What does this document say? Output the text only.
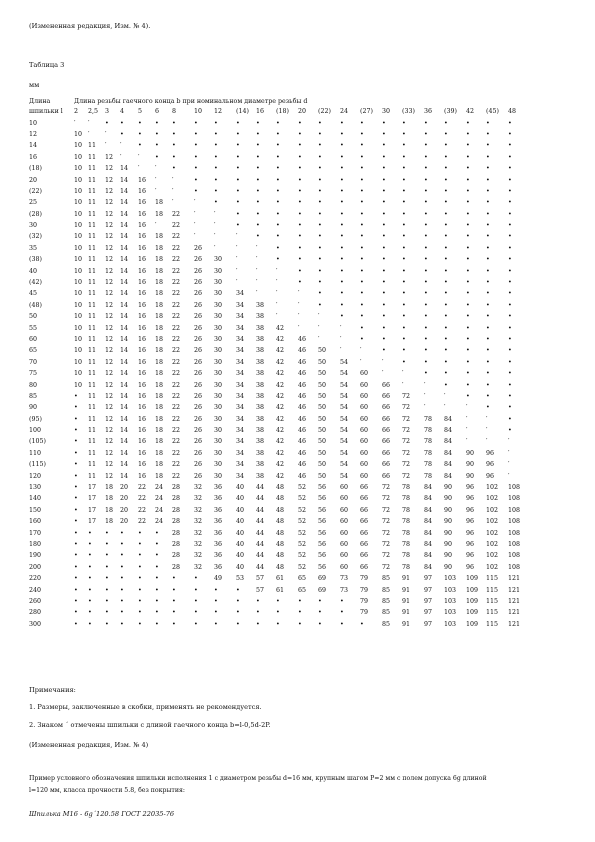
(Измененная редакция, Изм. № 4).
Таблица 3
мм
Длина	Длина резьбы гаечного конца b при номинальном диаметре резьбы d																						
шпильки l	2	2,5	3	4	5	6	8	10	12	(14)	16	(18)	20	(22)	24	(27)	30	(33)	36	(39)	42	(45)	48
10	′	′	•	•	•	•	•	•	•	•	•	•	•	•	•	•	•	•	•	•	•	•	•
12	10	′	′	•	•	•	•	•	•	•	•	•	•	•	•	•	•	•	•	•	•	•	•
14	10	11	′	′	•	•	•	•	•	•	•	•	•	•	•	•	•	•	•	•	•	•	•
16	10	11	12	′	′	•	•	•	•	•	•	•	•	•	•	•	•	•	•	•	•	•	•
(18)	10	11	12	14	′	′	•	•	•	•	•	•	•	•	•	•	•	•	•	•	•	•	•
20	10	11	12	14	16	′	′	•	•	•	•	•	•	•	•	•	•	•	•	•	•	•	•
(22)	10	11	12	14	16	′	′	•	•	•	•	•	•	•	•	•	•	•	•	•	•	•	•
25	10	11	12	14	16	18	′	′	•	•	•	•	•	•	•	•	•	•	•	•	•	•	•
(28)	10	11	12	14	16	18	22	′	′	•	•	•	•	•	•	•	•	•	•	•	•	•	•
30	10	11	12	14	16	′	22	′	′	•	•	•	•	•	•	•	•	•	•	•	•	•	•
(32)	10	11	12	14	16	18	22	′	′	′	•	•	•	•	•	•	•	•	•	•	•	•	•
35	10	11	12	14	16	18	22	26	′	′	′	•	•	•	•	•	•	•	•	•	•	•	•
(38)	10	11	12	14	16	18	22	26	30	′	′	•	•	•	•	•	•	•	•	•	•	•	•
40	10	11	12	14	16	18	22	26	30	′	′	′	•	•	•	•	•	•	•	•	•	•	•
(42)	10	11	12	14	16	18	22	26	30	′	′	′	•	•	•	•	•	•	•	•	•	•	•
45	10	11	12	14	16	18	22	26	30	34	′	′	′	•	•	•	•	•	•	•	•	•	•
(48)	10	11	12	14	16	18	22	26	30	34	38	′	′	•	•	•	•	•	•	•	•	•	•
50	10	11	12	14	16	18	22	26	30	34	38	′	′	′	•	•	•	•	•	•	•	•	•
55	10	11	12	14	16	18	22	26	30	34	38	42	′	′	′	•	•	•	•	•	•	•	•
60	10	11	12	14	16	18	22	26	30	34	38	42	46	′	′	•	•	•	•	•	•	•	•
65	10	11	12	14	16	18	22	26	30	34	38	42	46	50	′	′	•	•	•	•	•	•	•
70	10	11	12	14	16	18	22	26	30	34	38	42	46	50	54	′	′	•	•	•	•	•	•
75	10	11	12	14	16	18	22	26	30	34	38	42	46	50	54	60	′	′	•	•	•	•	•
80	10	11	12	14	16	18	22	26	30	34	38	42	46	50	54	60	66	′	′	•	•	•	•
85	•	11	12	14	16	18	22	26	30	34	38	42	46	50	54	60	66	72	′	′	•	•	•
90	•	11	12	14	16	18	22	26	30	34	38	42	46	50	54	60	66	72	′	′	′	•	•
(95)	•	11	12	14	16	18	22	26	30	34	38	42	46	50	54	60	66	72	78	84	′	′	•
100	•	11	12	14	16	18	22	26	30	34	38	42	46	50	54	60	66	72	78	84	′	′	•
(105)	•	11	12	14	16	18	22	26	30	34	38	42	46	50	54	60	66	72	78	84	′	′	′
110	•	11	12	14	16	18	22	26	30	34	38	42	46	50	54	60	66	72	78	84	90	96	′
(115)	•	11	12	14	16	18	22	26	30	34	38	42	46	50	54	60	66	72	78	84	90	96	′
120	•	11	12	14	16	18	22	26	30	34	38	42	46	50	54	60	66	72	78	84	90	96	′
130	•	17	18	20	22	24	28	32	36	40	44	48	52	56	60	66	72	78	84	90	96	102	108
140	•	17	18	20	22	24	28	32	36	40	44	48	52	56	60	66	72	78	84	90	96	102	108
150	•	17	18	20	22	24	28	32	36	40	44	48	52	56	60	66	72	78	84	90	96	102	108
160	•	17	18	20	22	24	28	32	36	40	44	48	52	56	60	66	72	78	84	90	96	102	108
170	•	•	•	•	•	•	28	32	36	40	44	48	52	56	60	66	72	78	84	90	96	102	108
180	•	•	•	•	•	•	28	32	36	40	44	48	52	56	60	66	72	78	84	90	96	102	108
190	•	•	•	•	•	•	28	32	36	40	44	48	52	56	60	66	72	78	84	90	96	102	108
200	•	•	•	•	•	•	28	32	36	40	44	48	52	56	60	66	72	78	84	90	96	102	108
220	•	•	•	•	•	•	•	•	49	53	57	61	65	69	73	79	85	91	97	103	109	115	121
240	•	•	•	•	•	•	•	•	•	•	57	61	65	69	73	79	85	91	97	103	109	115	121
260	•	•	•	•	•	•	•	•	•	•	•	•	•	•	•	79	85	91	97	103	109	115	121
280	•	•	•	•	•	•	•	•	•	•	•	•	•	•	•	79	85	91	97	103	109	115	121
300	•	•	•	•	•	•	•	•	•	•	•	•	•	•	•	•	85	91	97	103	109	115	121
Примечания:
1. Размеры, заключенные в скобки, применять не рекомендуется.
2. Знаком ´ отмечены шпильки с длиной гаечного конца b=l-0,5d-2P.
(Измененная редакция, Изм. № 4)
Пример условного обозначения шпильки исполнения 1 с диаметром резьбы d=16 мм, крупным шагом P=2 мм с полем допуска 6g длиной
l=120 мм, класса прочности 5.8, без покрытия:
Шпилька М16 - 6g´120.58 ГОСТ 22035-76
